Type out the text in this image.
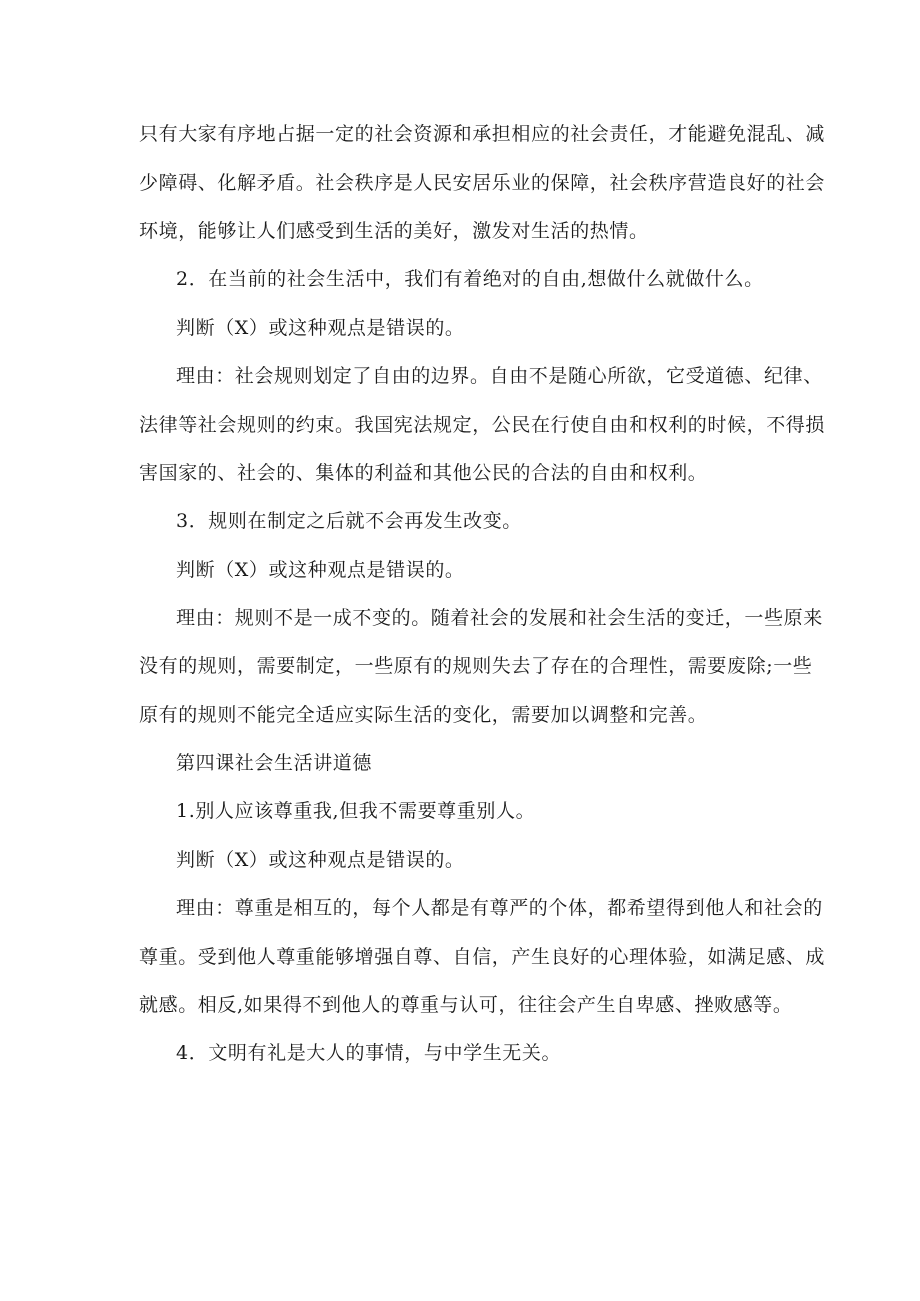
只有大家有序地占据一定的社会资源和承担相应的社会责任，才能避免混乱、减
少障碍、化解矛盾。社会秩序是人民安居乐业的保障，社会秩序营造良好的社会
环境，能够让人们感受到生活的美好，激发对生活的热情。
2．在当前的社会生活中，我们有着绝对的自由,想做什么就做什么。
判断（X）或这种观点是错误的。
理由：社会规则划定了自由的边界。自由不是随心所欲，它受道德、纪律、
法律等社会规则的约束。我国宪法规定，公民在行使自由和权利的时候，不得损
害国家的、社会的、集体的利益和其他公民的合法的自由和权利。
3．规则在制定之后就不会再发生改变。
判断（X）或这种观点是错误的。
理由：规则不是一成不变的。随着社会的发展和社会生活的变迁，一些原来
没有的规则，需要制定，一些原有的规则失去了存在的合理性，需要废除;一些
原有的规则不能完全适应实际生活的变化，需要加以调整和完善。
第四课社会生活讲道德
1.别人应该尊重我,但我不需要尊重别人。
判断（X）或这种观点是错误的。
理由：尊重是相互的，每个人都是有尊严的个体，都希望得到他人和社会的
尊重。受到他人尊重能够增强自尊、自信，产生良好的心理体验，如满足感、成
就感。相反,如果得不到他人的尊重与认可，往往会产生自卑感、挫败感等。
4．文明有礼是大人的事情，与中学生无关。
